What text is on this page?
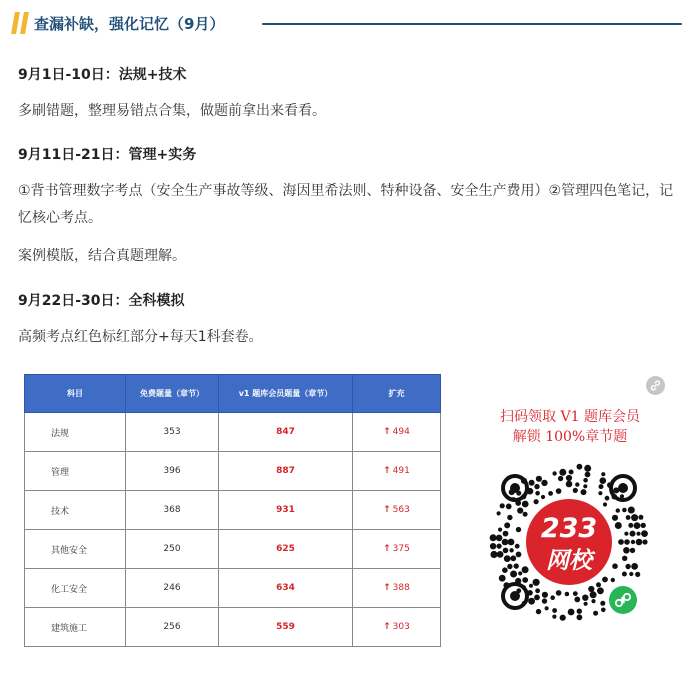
查漏补缺，强化记忆（9月）
9月1日-10日：法规+技术
多刷错题，整理易错点合集，做题前拿出来看看。
9月11日-21日：管理+实务
①背书管理数字考点（安全生产事故等级、海因里希法则、特种设备、安全生产费用）②管理四色笔记，记忆核心考点。
案例模版，结合真题理解。
9月22日-30日：全科模拟
高频考点红色标红部分+每天1科套卷。
科目	免费题量（章节）	v1 题库会员题量（章节）	扩充
法规	353	847	↑ 494
管理	396	887	↑ 491
技术	368	931	↑ 563
其他安全	250	625	↑ 375
化工安全	246	634	↑ 388
建筑施工	256	559	↑ 303
扫码领取 V1 题库会员
解锁 100%章节题
233
网校
